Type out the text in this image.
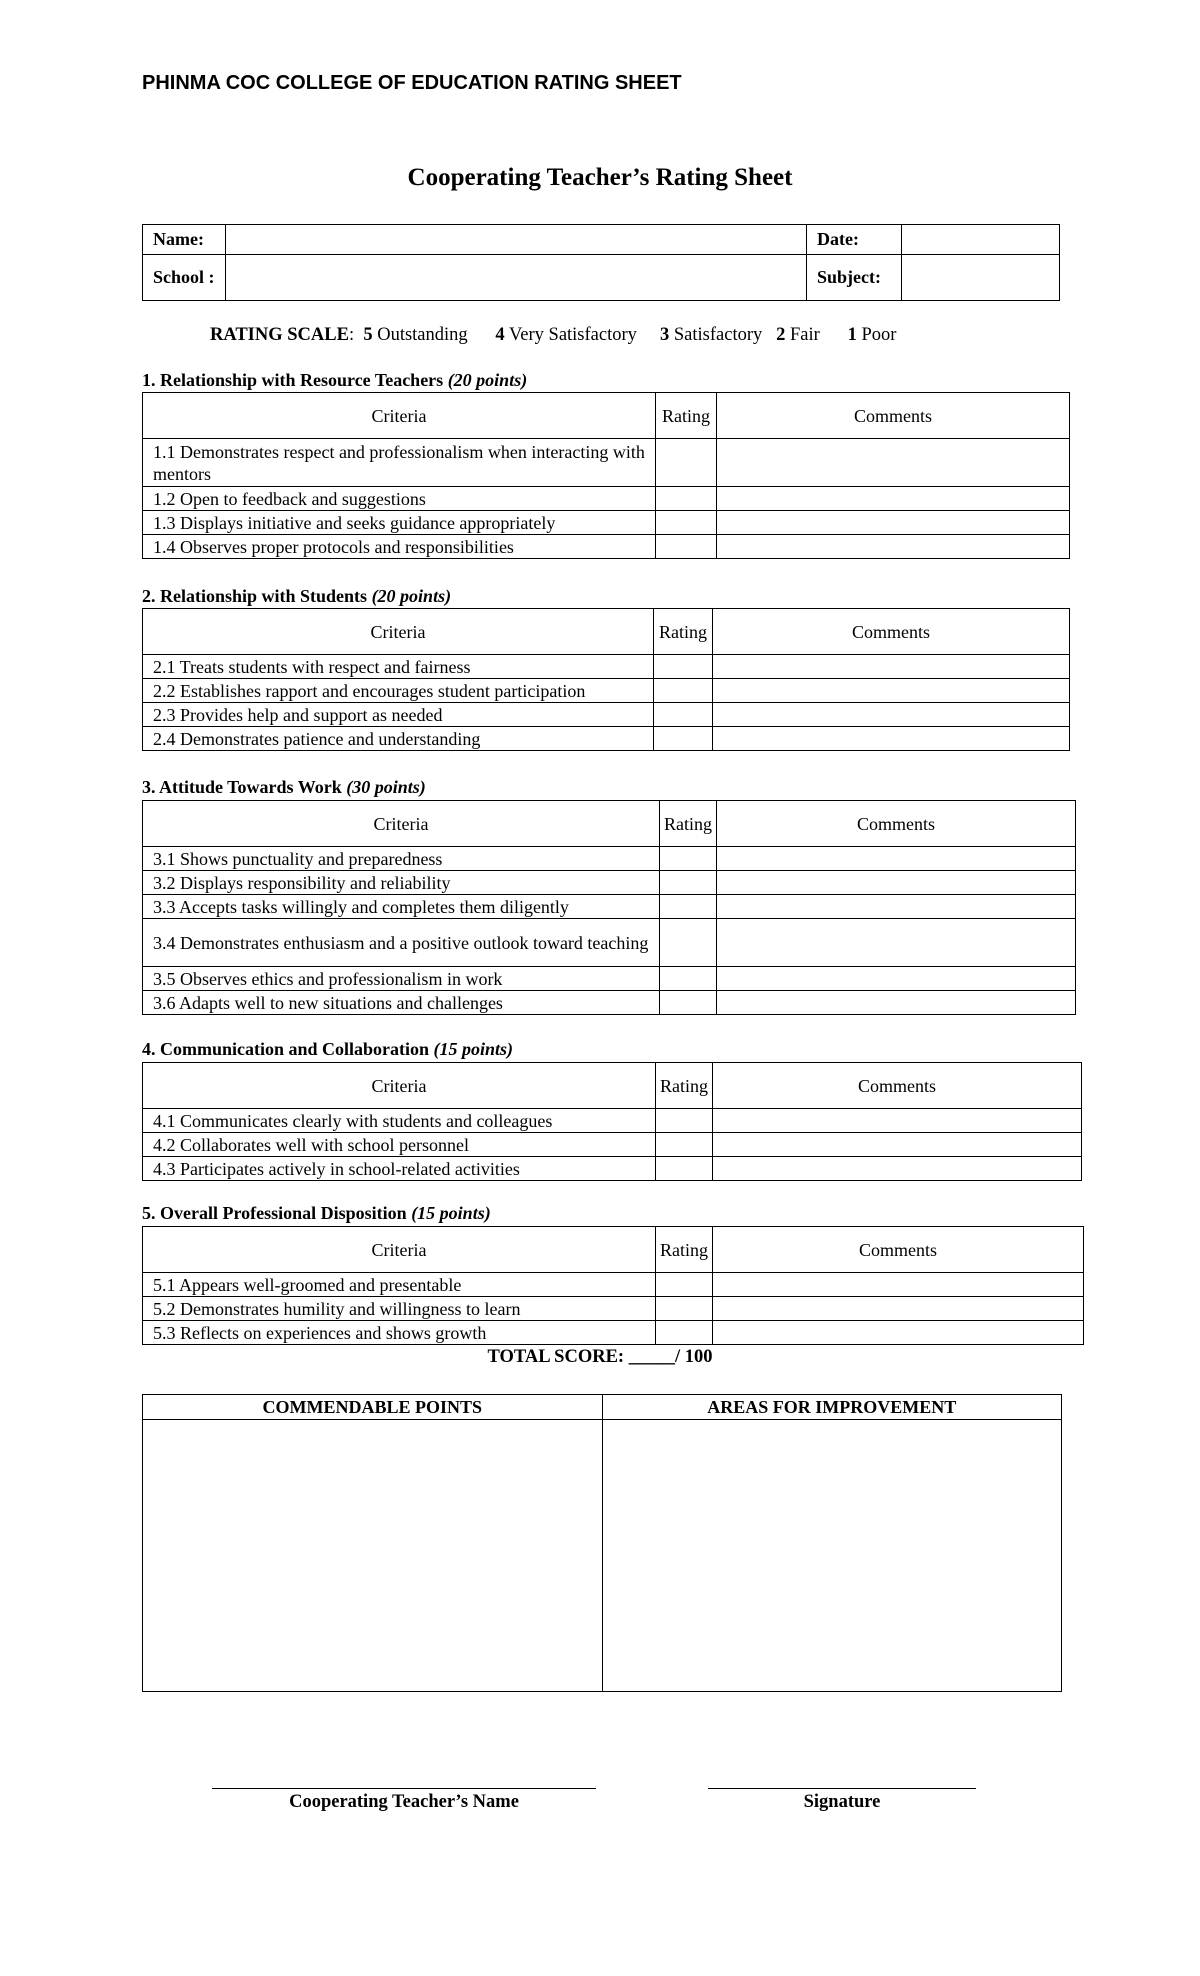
PHINMA COC COLLEGE OF EDUCATION RATING SHEET
Cooperating Teacher’s Rating Sheet
Name:		Date:	
School :		Subject:	
RATING SCALE:  5 Outstanding 4 Very Satisfactory 3 Satisfactory 2 Fair 1 Poor
1. Relationship with Resource Teachers (20 points)
Criteria	Rating	Comments
1.1 Demonstrates respect and professionalism when interacting with mentors		
1.2 Open to feedback and suggestions		
1.3 Displays initiative and seeks guidance appropriately		
1.4 Observes proper protocols and responsibilities		
2. Relationship with Students (20 points)
Criteria	Rating	Comments
2.1 Treats students with respect and fairness		
2.2 Establishes rapport and encourages student participation		
2.3 Provides help and support as needed		
2.4 Demonstrates patience and understanding		
3. Attitude Towards Work (30 points)
Criteria	Rating	Comments
3.1 Shows punctuality and preparedness		
3.2 Displays responsibility and reliability		
3.3 Accepts tasks willingly and completes them diligently		
3.4 Demonstrates enthusiasm and a positive outlook toward teaching		
3.5 Observes ethics and professionalism in work		
3.6 Adapts well to new situations and challenges		
4. Communication and Collaboration (15 points)
Criteria	Rating	Comments
4.1 Communicates clearly with students and colleagues		
4.2 Collaborates well with school personnel		
4.3 Participates actively in school-related activities		
5. Overall Professional Disposition (15 points)
Criteria	Rating	Comments
5.1 Appears well-groomed and presentable		
5.2 Demonstrates humility and willingness to learn		
5.3 Reflects on experiences and shows growth		
TOTAL SCORE: _____/ 100
COMMENDABLE POINTS	AREAS FOR IMPROVEMENT

Cooperating Teacher’s Name	Signature
